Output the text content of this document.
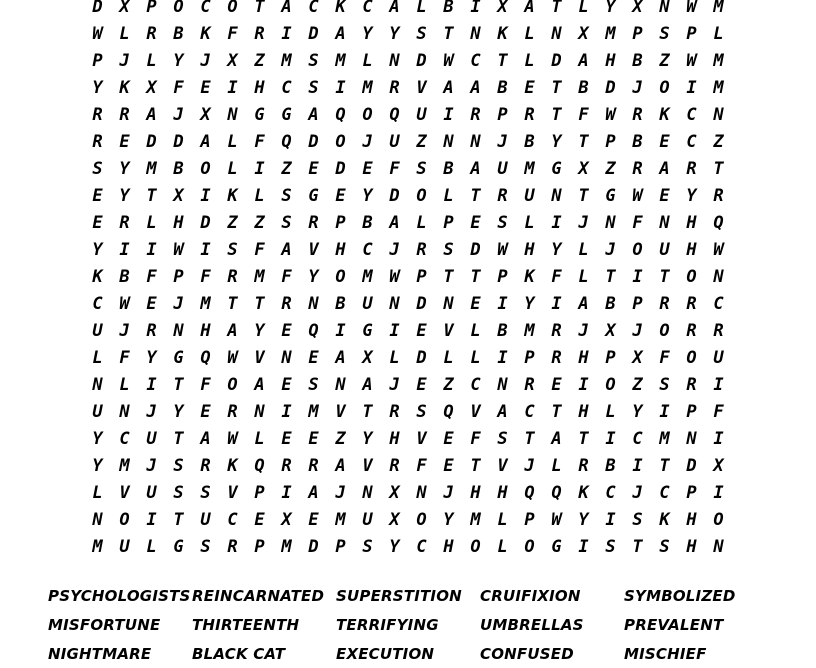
D X P O C O T A C K C A L B I X A T L Y X N W M
W L R B K F R I D A Y Y S T N K L N X M P S P L
P J L Y J X Z M S M L N D W C T L D A H B Z W M
Y K X F E I H C S I M R V A A B E T B D J O I M
R R A J X N G G A Q O Q U I R P R T F W R K C N
R E D D A L F Q D O J U Z N N J B Y T P B E C Z
S Y M B O L I Z E D E F S B A U M G X Z R A R T
E Y T X I K L S G E Y D O L T R U N T G W E Y R
E R L H D Z Z S R P B A L P E S L I J N F N H Q
Y I I W I S F A V H C J R S D W H Y L J O U H W
K B F P F R M F Y O M W P T T P K F L T I T O N
C W E J M T T R N B U N D N E I Y I A B P R R C
U J R N H A Y E Q I G I E V L B M R J X J O R R
L F Y G Q W V N E A X L D L L I P R H P X F O U
N L I T F O A E S N A J E Z C N R E I O Z S R I
U N J Y E R N I M V T R S Q V A C T H L Y I P F
Y C U T A W L E E Z Y H V E F S T A T I C M N I
Y M J S R K Q R R A V R F E T V J L R B I T D X
L V U S S V P I A J N X N J H H Q Q K C J C P I
N O I T U C E X E M U X O Y M L P W Y I S K H O
M U L G S R P M D P S Y C H O L O G I S T S H N
PSYCHOLOGISTS REINCARNATED SUPERSTITION	CRUIFIXION	SYMBOLIZED
MISFORTUNE	THIRTEENTH	TERRIFYING	UMBRELLAS	PREVALENT
NIGHTMARE	BLACK CAT	EXECUTION	CONFUSED	MISCHIEF
